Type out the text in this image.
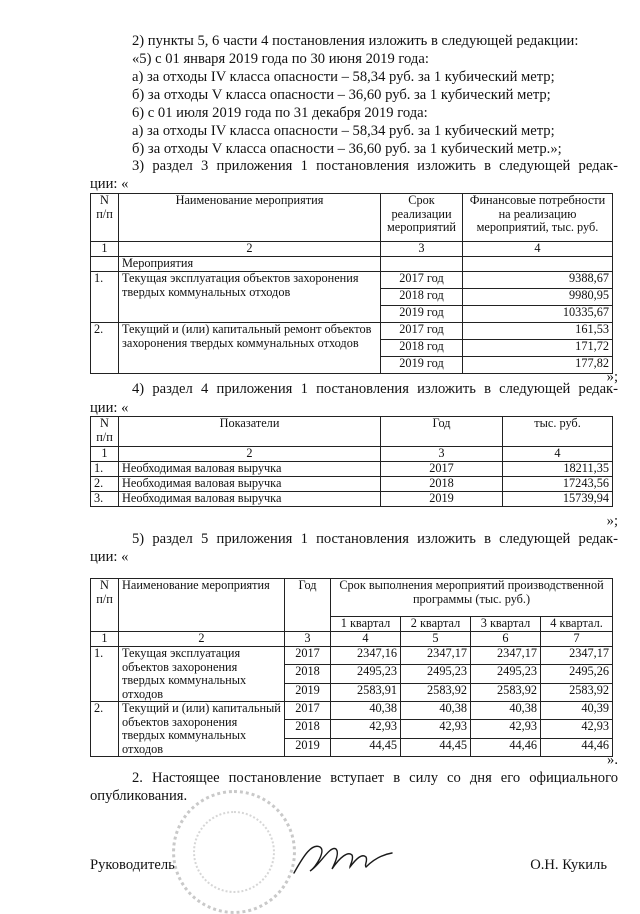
2) пункты 5, 6 части 4 постановления изложить в следующей редакции:
«5) с 01 января 2019 года по 30 июня 2019 года:
а) за отходы IV класса опасности – 58,34 руб. за 1 кубический метр;
б) за отходы V класса опасности – 36,60 руб. за 1 кубический метр;
6) с 01 июля 2019 года по 31 декабря 2019 года:
а) за отходы IV класса опасности – 58,34 руб. за 1 кубический метр;
б) за отходы V класса опасности – 36,60 руб. за 1 кубический метр.»;
3) раздел 3 приложения 1 постановления изложить в следующей редак-
ции: «
N п/п	Наименование мероприятия	Срок реализации мероприятий	Финансовые потребности на реализацию мероприятий, тыс. руб.
1	2	3	4
	Мероприятия		
1.	Текущая эксплуатация объектов захоронения твердых коммунальных отходов	2017 год	9388,67
		2018 год	9980,95
		2019 год	10335,67
2.	Текущий и (или) капитальный ремонт объектов захоронения твердых коммунальных отходов	2017 год	161,53
		2018 год	171,72
		2019 год	177,82
»;
4) раздел 4 приложения 1 постановления изложить в следующей редак-
ции: «
N п/п	Показатели	Год	тыс. руб.
1	2	3	4
1.	Необходимая валовая выручка	2017	18211,35
2.	Необходимая валовая выручка	2018	17243,56
3.	Необходимая валовая выручка	2019	15739,94
»;
5) раздел 5 приложения 1 постановления изложить в следующей редак-
ции: «
N п/п	Наименование мероприятия	Год	Срок выполнения мероприятий производственной программы (тыс. руб.)			
			1 квартал	2 квартал	3 квартал	4 квартал.
1	2	3	4	5	6	7
1.	Текущая эксплуатация объектов захоронения твердых коммунальных отходов	2017	2347,16	2347,17	2347,17	2347,17
		2018	2495,23	2495,23	2495,23	2495,26
		2019	2583,91	2583,92	2583,92	2583,92
2.	Текущий и (или) капитальный объектов захоронения твердых коммунальных отходов	2017	40,38	40,38	40,38	40,39
		2018	42,93	42,93	42,93	42,93
		2019	44,45	44,45	44,46	44,46
».
2. Настоящее постановление вступает в силу со дня его официального
опубликования.
Руководитель	О.Н. Кукиль
